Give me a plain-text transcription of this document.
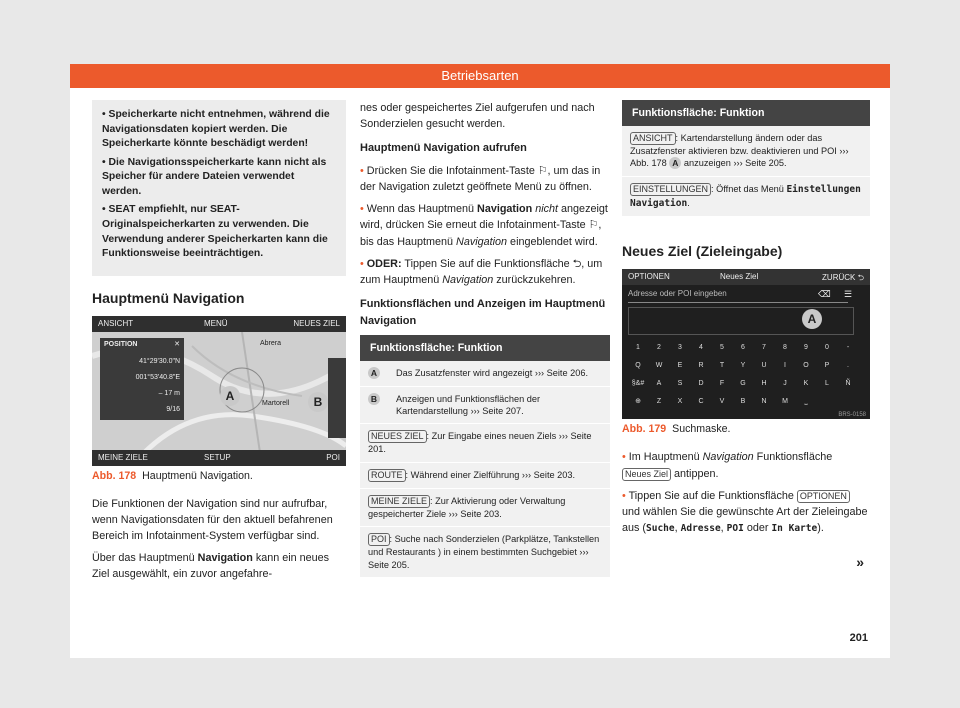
Betriebsarten

• Speicherkarte nicht entnehmen, während die Navigationsdaten kopiert werden. Die Speicherkarte könnte beschädigt werden!

• Die Navigationsspeicherkarte kann nicht als Speicher für andere Dateien verwendet werden.

• SEAT empfiehlt, nur SEAT-Originalspeicherkarten zu verwenden. Die Verwendung anderer Speicherkarten kann die Funktionsweise beeinträchtigen.

Hauptmenü Navigation
ANSICHT	MENÜ	NEUES ZIEL
POSITION	✕
41°29'30.0"N
001°53'40.8"E
– 17 m
9/16
Abrera
Martorell
A	B
MEINE ZIELE	SETUP	POI
Abb. 178 Hauptmenü Navigation.

Die Funktionen der Navigation sind nur aufrufbar, wenn Navigationsdaten für den aktuell befahrenen Bereich im Infotainment-System verfügbar sind.

Über das Hauptmenü Navigation kann ein neues Ziel ausgewählt, ein zuvor angefahre-

nes oder gespeichertes Ziel aufgerufen und nach Sonderzielen gesucht werden.

Hauptmenü Navigation aufrufen

• Drücken Sie die Infotainment-Taste ⚐, um das in der Navigation zuletzt geöffnete Menü zu öffnen.

• Wenn das Hauptmenü Navigation nicht angezeigt wird, drücken Sie erneut die Infotainment-Taste ⚐, bis das Hauptmenü Navigation eingeblendet wird.

• ODER: Tippen Sie auf die Funktionsfläche ⮌, um zum Hauptmenü Navigation zurückzukehren.

Funktionsflächen und Anzeigen im Hauptmenü Navigation
Funktionsfläche: Funktion	
A	Das Zusatzfenster wird angezeigt ››› Seite 206.
B	Anzeigen und Funktionsflächen der Kartendarstellung ››› Seite 207.
NEUES ZIEL : Zur Eingabe eines neuen Ziels ››› Seite 201.	
ROUTE : Während einer Zielführung ››› Seite 203.	
MEINE ZIELE : Zur Aktivierung oder Verwaltung gespeicherter Ziele ››› Seite 203.	
POI : Suche nach Sonderzielen (Parkplätze, Tankstellen und Restaurants ) in einem bestimmten Suchgebiet ››› Seite 205.	
Funktionsfläche: Funktion
ANSICHT : Kartendarstellung ändern oder das Zusatzfenster aktivieren bzw. deaktivieren und POI ››› Abb. 178 A anzuzeigen ››› Seite 205.
EINSTELLUNGEN : Öffnet das Menü Einstellungen Navigation.
Neues Ziel (Zieleingabe)
OPTIONEN	Neues Ziel	ZURÜCK ⮌
Adresse oder POI eingeben	⌫ ☰
1	2	3	4	5	6	7	8	9	0	-
Q	W	E	R	T	Y	U	I	O	P	.
§&#	A	S	D	F	G	H	J	K	L	Ñ
⊕	Z	X	C	V	B	N	M	⎵
A
BRS-0158
Abb. 179 Suchmaske.

• Im Hauptmenü Navigation Funktionsfläche Neues Ziel antippen.

• Tippen Sie auf die Funktionsfläche OPTIONEN und wählen Sie die gewünschte Art der Zieleingabe aus (Suche, Adresse, POI oder In Karte).

»
201
